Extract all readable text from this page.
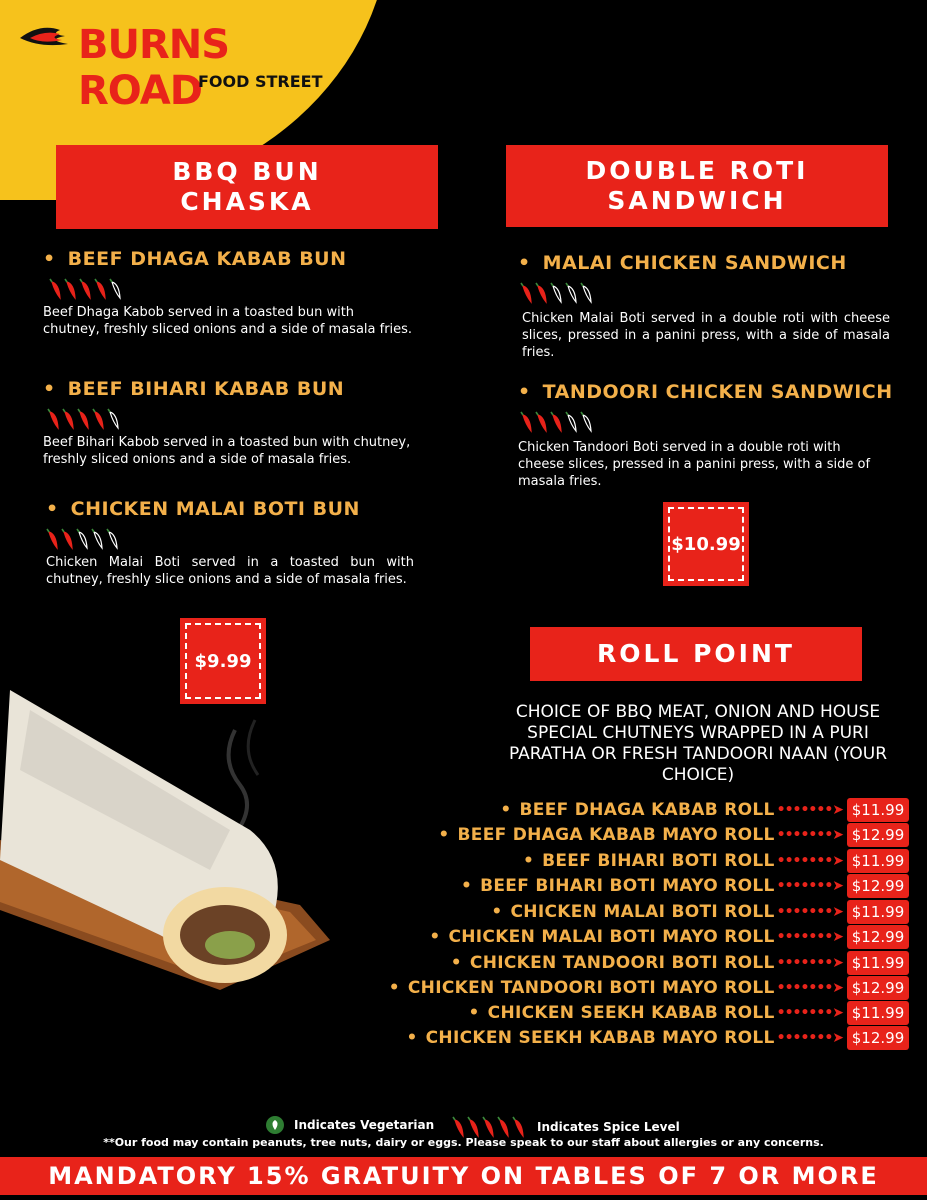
BURNS ROAD
FOOD STREET
BBQ BUN
CHASKA
• BEEF DHAGA KABAB BUN
Beef Dhaga Kabob served in a toasted bun with chutney, freshly sliced onions and a side of masala fries.
• BEEF BIHARI KABAB BUN
Beef Bihari Kabob served in a toasted bun with chutney, freshly sliced onions and a side of masala fries.
• CHICKEN MALAI BOTI BUN
Chicken Malai Boti served in a toasted bun with chutney, freshly slice onions and a side of masala fries.
$9.99
DOUBLE ROTI
SANDWICH
• MALAI CHICKEN SANDWICH
Chicken Malai Boti served in a double roti with cheese slices, pressed in a panini press, with a side of masala fries.
• TANDOORI CHICKEN SANDWICH
Chicken Tandoori Boti served in a double roti with cheese slices, pressed in a panini press, with a side of masala fries.
$10.99
ROLL POINT
CHOICE OF BBQ MEAT, ONION AND HOUSE SPECIAL CHUTNEYS WRAPPED IN A PURI PARATHA OR FRESH TANDOORI NAAN (YOUR CHOICE)
• BEEF DHAGA KABAB ROLL •••••••➤ $11.99
• BEEF DHAGA KABAB MAYO ROLL •••••••➤ $12.99
• BEEF BIHARI BOTI ROLL •••••••➤ $11.99
• BEEF BIHARI BOTI MAYO ROLL •••••••➤ $12.99
• CHICKEN MALAI BOTI ROLL •••••••➤ $11.99
• CHICKEN MALAI BOTI MAYO ROLL •••••••➤ $12.99
• CHICKEN TANDOORI BOTI ROLL •••••••➤ $11.99
• CHICKEN TANDOORI BOTI MAYO ROLL •••••••➤ $12.99
• CHICKEN SEEKH KABAB ROLL •••••••➤ $11.99
• CHICKEN SEEKH KABAB MAYO ROLL •••••••➤ $12.99
Indicates Vegetarian	Indicates Spice Level
**Our food may contain peanuts, tree nuts, dairy or eggs. Please speak to our staff about allergies or any concerns.
MANDATORY 15% GRATUITY ON TABLES OF 7 OR MORE
